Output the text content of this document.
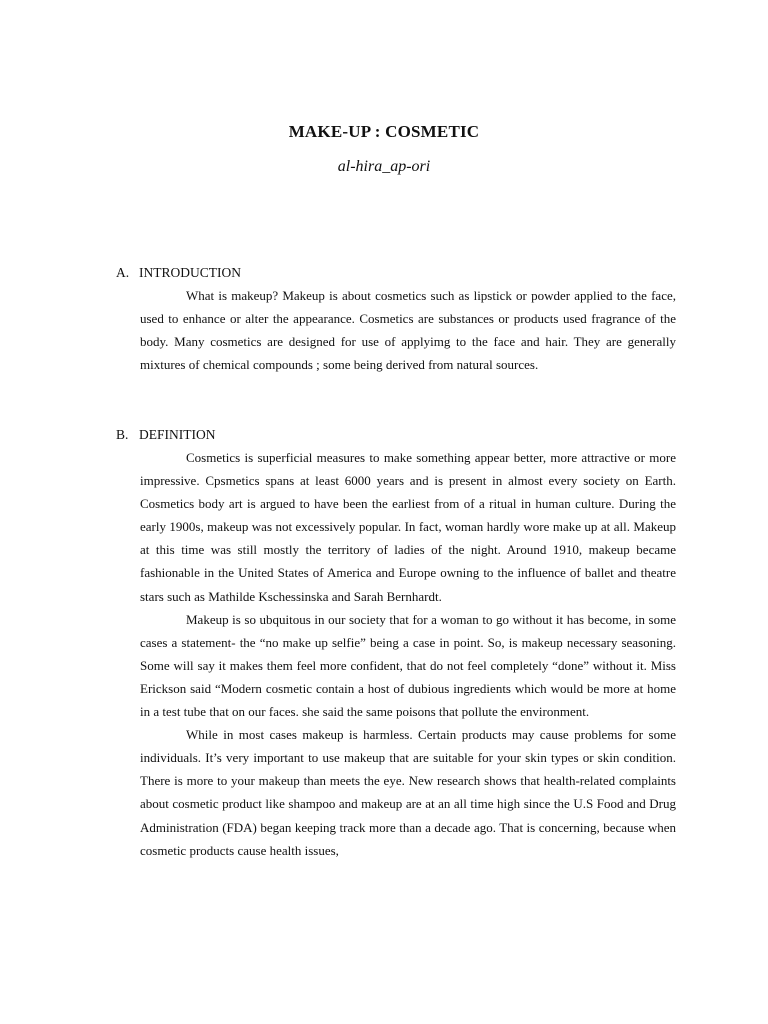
MAKE-UP : COSMETIC
al-hira_ap-ori
A. INTRODUCTION

What is makeup? Makeup is about cosmetics such as lipstick or powder applied to the face, used to enhance or alter the appearance. Cosmetics are substances or products used fragrance of the body. Many cosmetics are designed for use of applyimg to the face and hair. They are generally mixtures of chemical compounds ; some being derived from natural sources.

B. DEFINITION

Cosmetics is superficial measures to make something appear better, more attractive or more impressive. Cpsmetics spans at least 6000 years and is present in almost every society on Earth. Cosmetics body art is argued to have been the earliest from of a ritual in human culture. During the early 1900s, makeup was not excessively popular. In fact, woman hardly wore make up at all. Makeup at this time was still mostly the territory of ladies of the night. Around 1910, makeup became fashionable in the United States of America and Europe owning to the influence of ballet and theatre stars such as Mathilde Kschessinska and Sarah Bernhardt.

Makeup is so ubquitous in our society that for a woman to go without it has become, in some cases a statement- the “no make up selfie” being a case in point. So, is makeup necessary seasoning. Some will say it makes them feel more confident, that do not feel completely “done” without it. Miss Erickson said “Modern cosmetic contain a host of dubious ingredients which would be more at home in a test tube that on our faces. she said the same poisons that pollute the environment.

While in most cases makeup is harmless. Certain products may cause problems for some individuals. It’s very important to use makeup that are suitable for your skin types or skin condition. There is more to your makeup than meets the eye. New research shows that health-related complaints about cosmetic product like shampoo and makeup are at an all time high since the U.S Food and Drug Administration (FDA) began keeping track more than a decade ago. That is concerning, because when cosmetic products cause health issues,
